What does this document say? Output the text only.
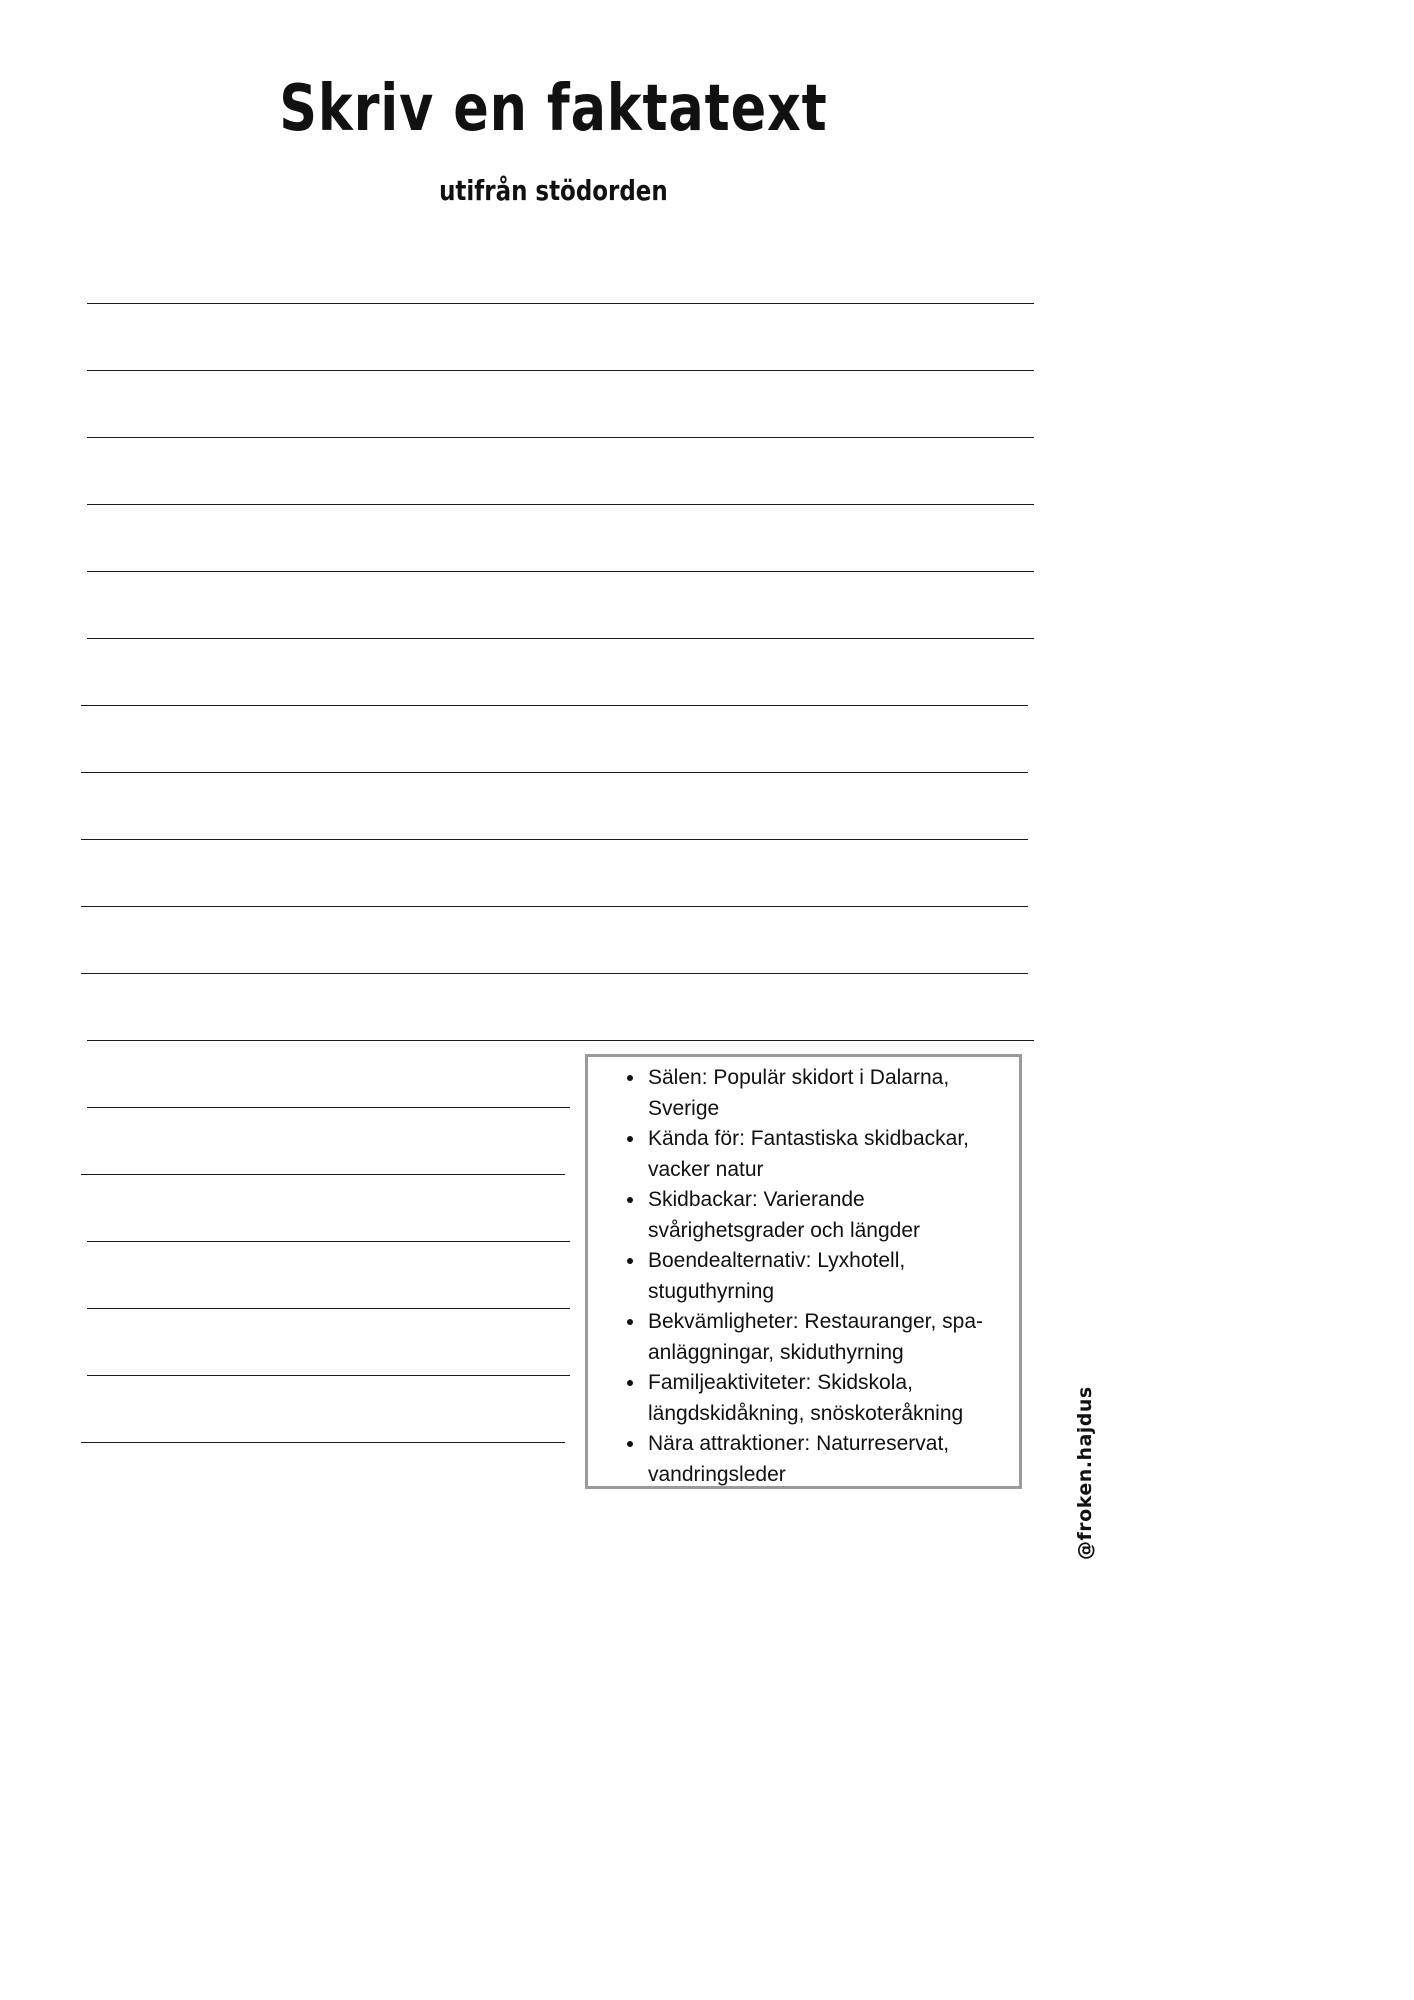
Skriv en faktatext

utifrån stödorden

• Sälen: Populär skidort i Dalarna, Sverige
• Kända för: Fantastiska skidbackar, vacker natur
• Skidbackar: Varierande svårighetsgrader och längder
• Boendealternativ: Lyxhotell, stuguthyrning
• Bekvämligheter: Restauranger, spa-anläggningar, skiduthyrning
• Familjeaktiviteter: Skidskola, längdskidåkning, snöskoteråkning
• Nära attraktioner: Naturreservat, vandringsleder	@froken.hajdus
